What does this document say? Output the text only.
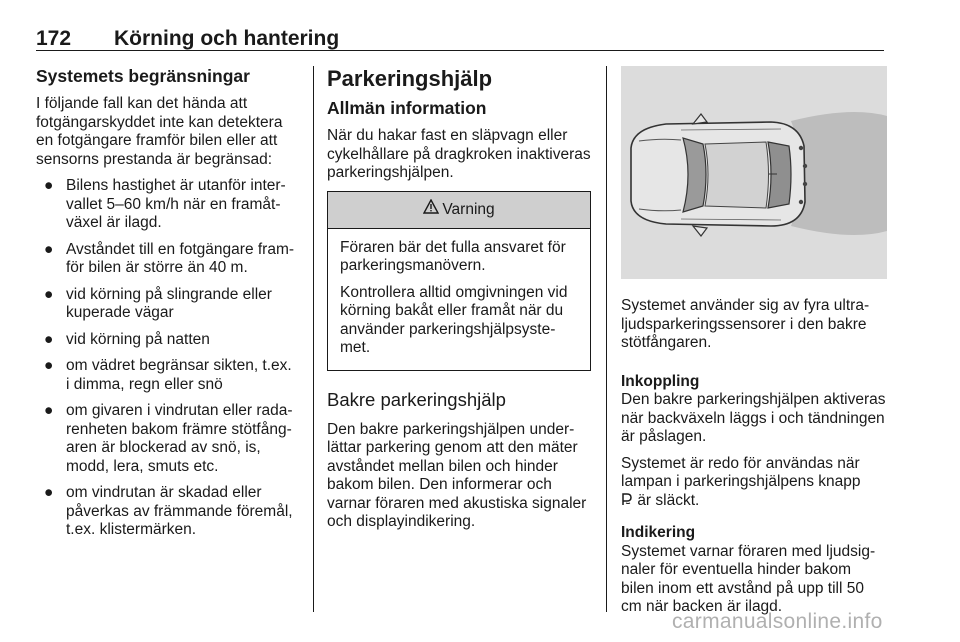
172 Körning och hantering
Systemets begränsningar

I följande fall kan det hända att fotgängarskyddet inte kan detektera en fotgängare framför bilen eller att sensorns prestanda är begränsad:

● Bilens hastighet är utanför intervallet 5–60 km/h när en framåtväxel är ilagd.
● Avståndet till en fotgängare framför bilen är större än 40 m.
● vid körning på slingrande eller kuperade vägar
● vid körning på natten
● om vädret begränsar sikten, t.ex. i dimma, regn eller snö
● om givaren i vindrutan eller radarenheten bakom främre stötfångaren är blockerad av snö, is, modd, lera, smuts etc.
● om vindrutan är skadad eller påverkas av främmande föremål, t.ex. klistermärken.
Parkeringshjälp
Allmän information

När du hakar fast en släpvagn eller cykelhållare på dragkroken inaktiveras parkeringshjälpen.

Varning

Föraren bär det fulla ansvaret för parkeringsmanövern.

Kontrollera alltid omgivningen vid körning bakåt eller framåt när du använder parkeringshjälpsystemet.

Bakre parkeringshjälp

Den bakre parkeringshjälpen underlättar parkering genom att den mäter avståndet mellan bilen och hinder bakom bilen. Den informerar och varnar föraren med akustiska signaler och displayindikering.

Systemet använder sig av fyra ultraljudsparkeringssensorer i den bakre stötfångaren.

Inkoppling

Den bakre parkeringshjälpen aktiveras när backväxeln läggs i och tändningen är påslagen.

Systemet är redo för användas när lampan i parkeringshjälpens knapp
är släckt.

Indikering

Systemet varnar föraren med ljudsignaler för eventuella hinder bakom bilen inom ett avstånd på upp till 50 cm när backen är ilagd.

carmanualsonline.info
